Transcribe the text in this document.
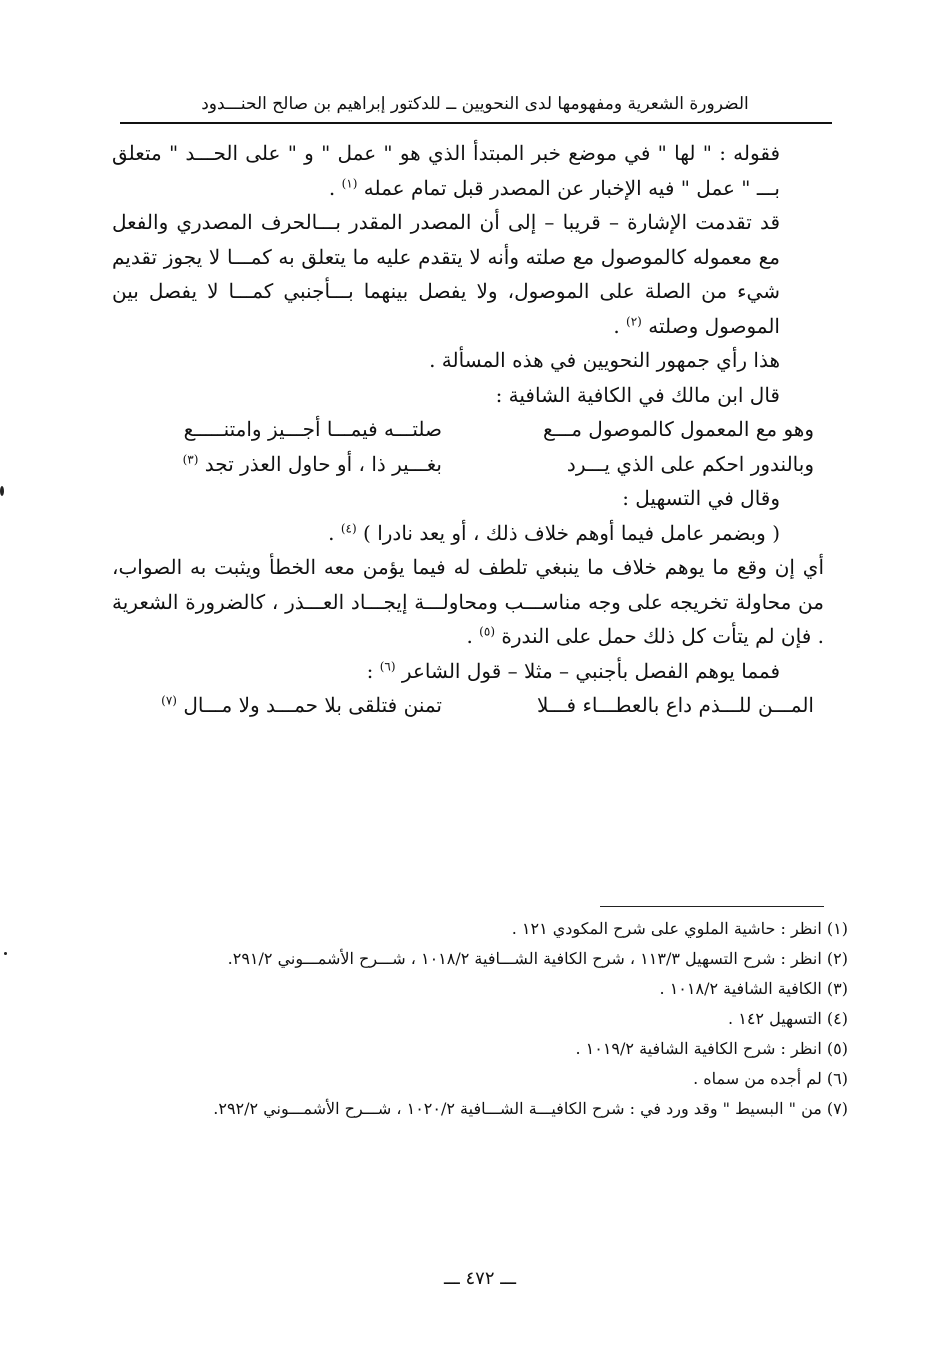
الضرورة الشعرية ومفهومها لدى النحويين ــ للدكتور إبراهيم بن صالح الحنـــدود

فقوله : " لها " في موضع خبر المبتدأ الذي هو " عمل " و " على الحـــد " متعلق بـــ " عمل " فيه الإخبار عن المصدر قبل تمام عمله $^{(١)}$ .

قد تقدمت الإشارة – قريبا – إلى أن المصدر المقدر بـــالحرف المصدري والفعل مع معموله كالموصول مع صلته وأنه لا يتقدم عليه ما يتعلق به كمـــا لا يجوز تقديم شيء من الصلة على الموصول، ولا يفصل بينهما بـــأجنبي كمـــا لا يفصل بين الموصول وصلته $^{(٢)}$ .

هذا رأي جمهور النحويين في هذه المسألة .

قال ابن مالك في الكافية الشافية :

وهو مع المعمول كالموصول مـــع
صلتـــه فيمـــا أجـــيز وامتنـــــع
وبالندور احكم على الذي يـــرد
بغـــير ذا ، أو حاول العذر تجد $^{(٣)}$

وقال في التسهيل :

( وبضمر عامل فيما أوهم خلاف ذلك ، أو يعد نادرا ) $^{(٤)}$ .

أي إن وقع ما يوهم خلاف ما ينبغي تلطف له فيما يؤمن معه الخطأ ويثبت به الصواب، من محاولة تخريجه على وجه مناســـب ومحاولـــة إيجـــاد العـــذر ، كالضرورة الشعرية . فإن لم يتأت كل ذلك حمل على الندرة $^{(٥)}$ .

فمما يوهم الفصل بأجنبي – مثلا – قول الشاعر $^{(٦)}$ :

المـــن للـــذم داع بالعطـــاء فـــلا
تمنن فتلقى بلا حمـــد ولا مـــال $^{(٧)}$

(١) انظر : حاشية الملوي على شرح المكودي ١٢١ .

(٢) انظر : شرح التسهيل ١١٣/٣ ، شرح الكافية الشـــافية ١٠١٨/٢ ، شـــرح الأشمـــوني ٢٩١/٢.

(٣) الكافية الشافية ١٠١٨/٢ .

(٤) التسهيل ١٤٢ .

(٥) انظر : شرح الكافية الشافية ١٠١٩/٢ .

(٦) لم أجده من سماه .

(٧) من " البسيط " وقد ورد في : شرح الكافيـــة الشـــافية ١٠٢٠/٢ ، شـــرح الأشمـــوني ٢٩٢/٢.

ـــ ٤٧٢ ـــ
